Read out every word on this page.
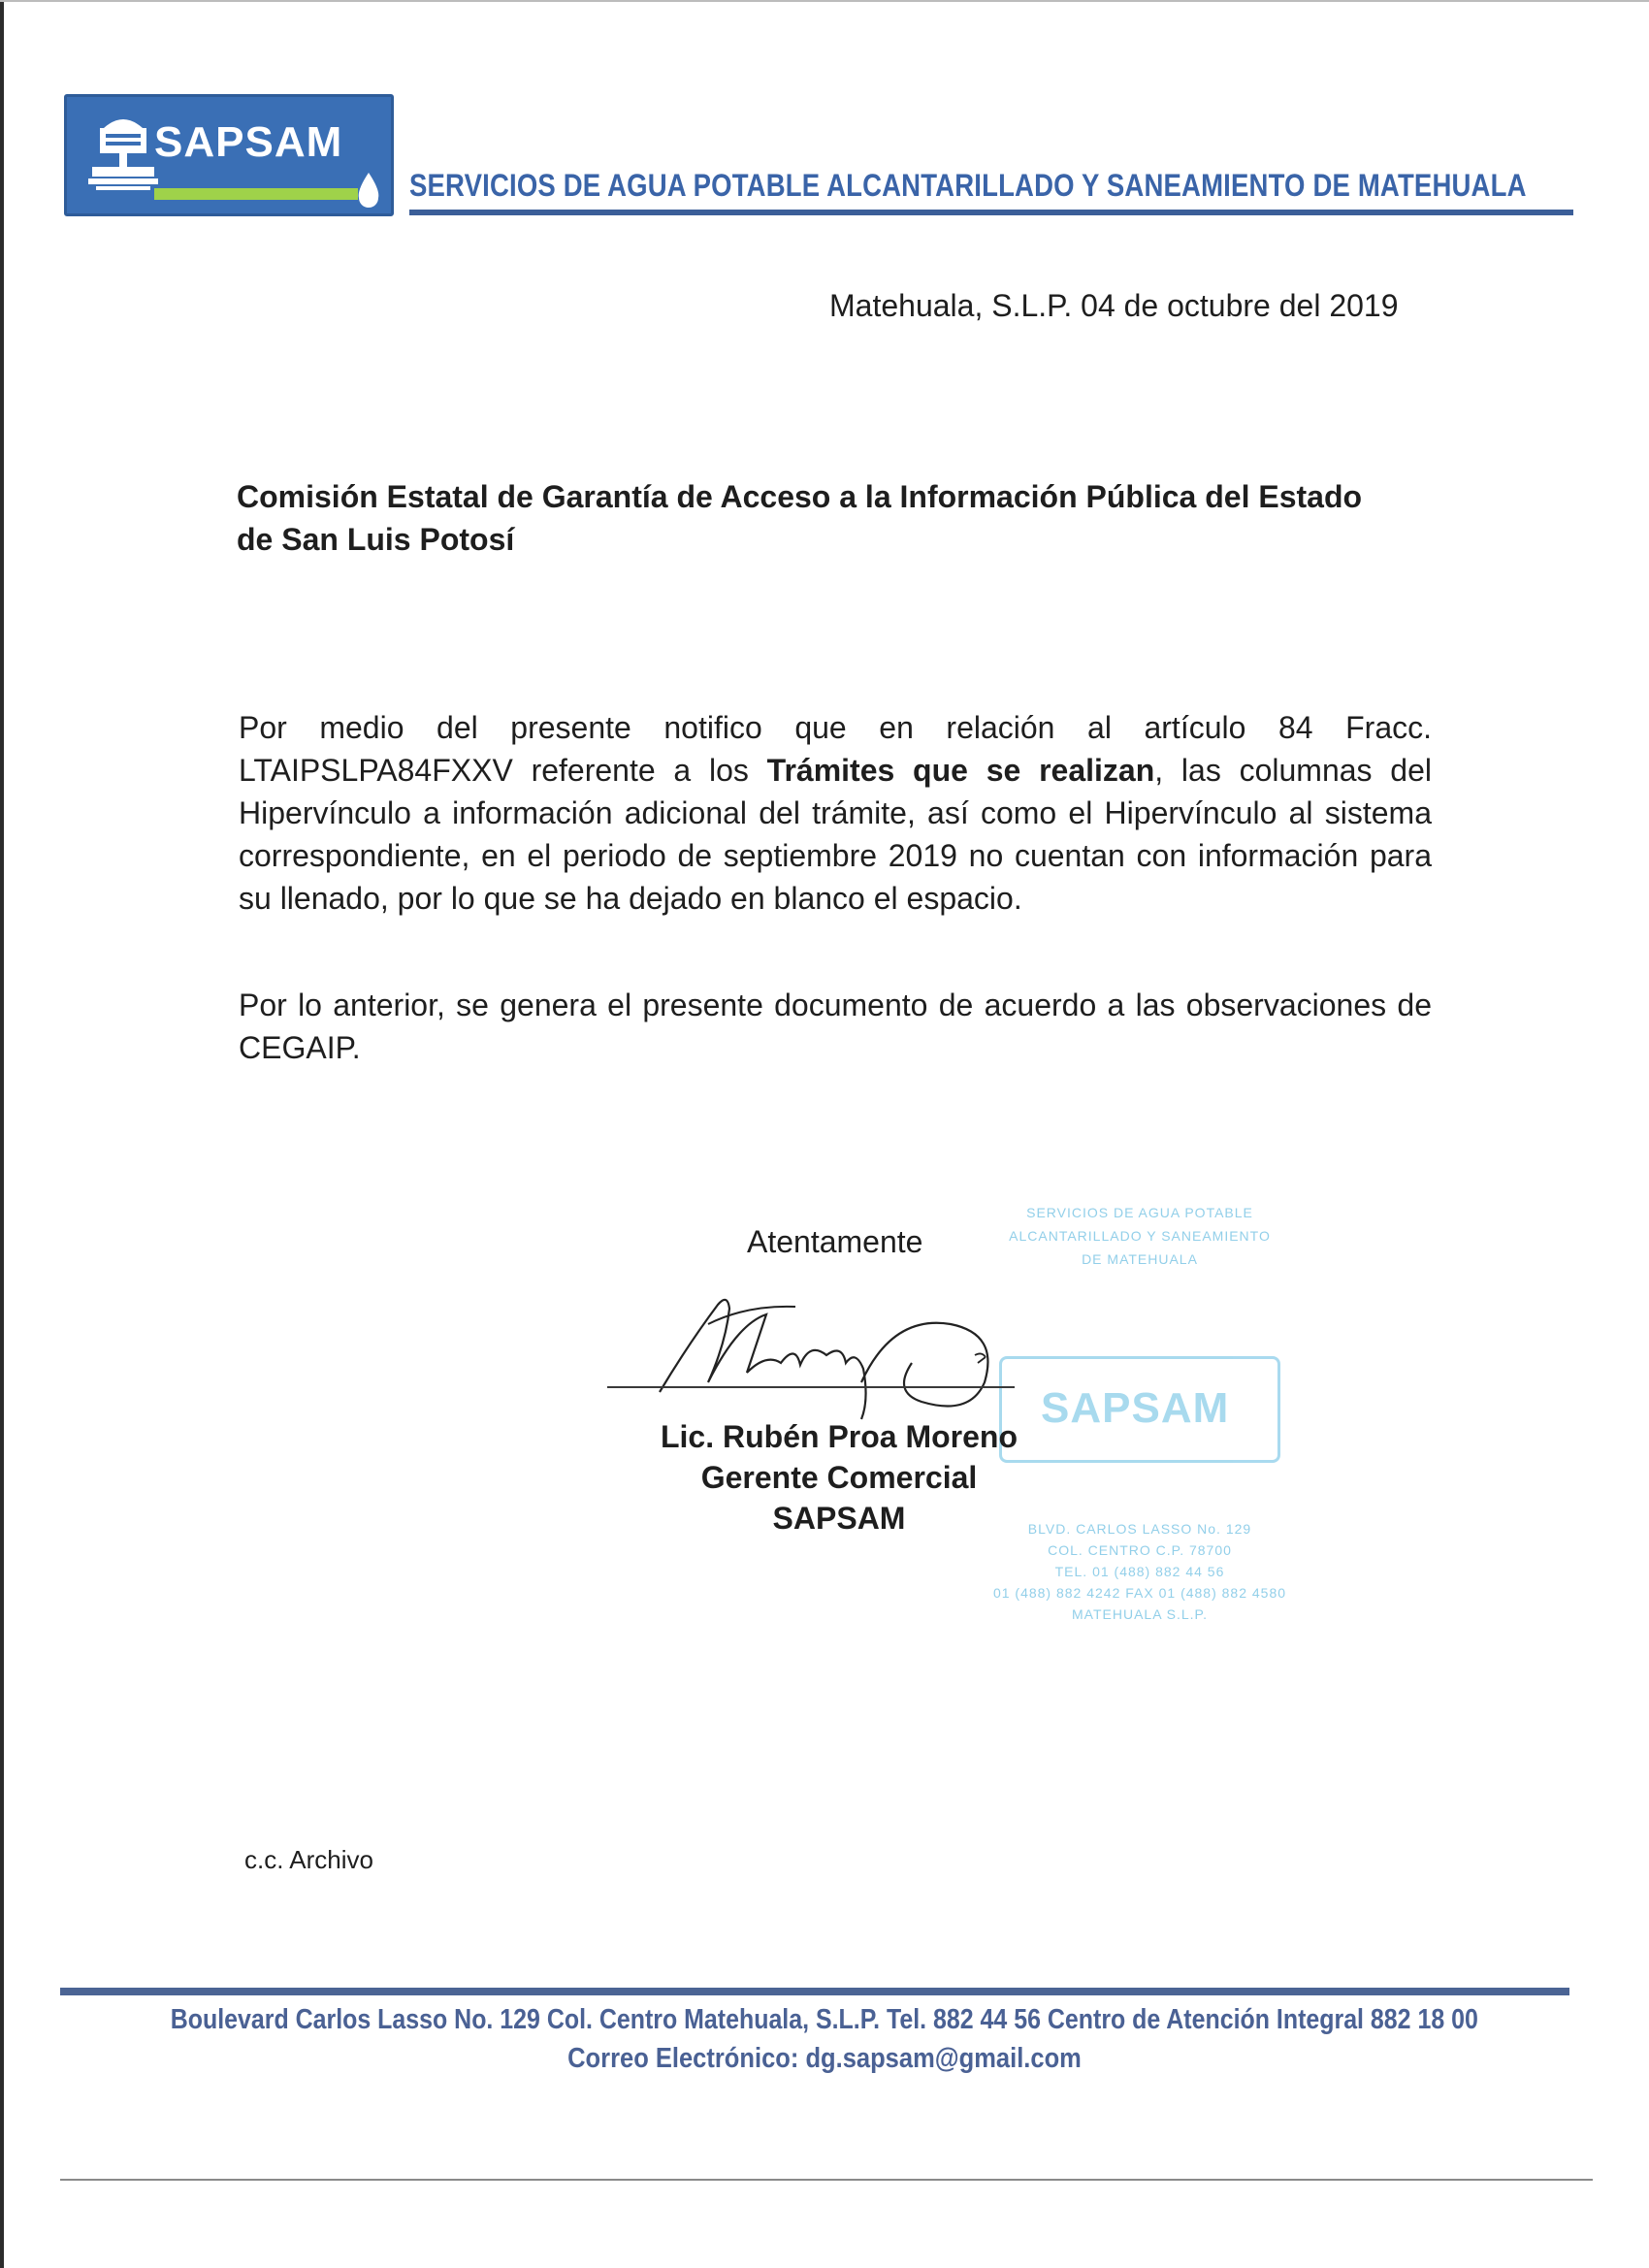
SAPSAM
SERVICIOS DE AGUA POTABLE ALCANTARILLADO Y SANEAMIENTO DE MATEHUALA
Matehuala, S.L.P. 04 de octubre del 2019
Comisión Estatal de Garantía de Acceso a la Información Pública del Estado
de San Luis Potosí
Por medio del presente notifico que en relación al artículo 84 Fracc. LTAIPSLPA84FXXV referente a los Trámites que se realizan, las columnas del Hipervínculo a información adicional del trámite, así como el Hipervínculo al sistema correspondiente, en el periodo de septiembre 2019 no cuentan con información para su llenado, por lo que se ha dejado en blanco el espacio.
Por lo anterior, se genera el presente documento de acuerdo a las observaciones de CEGAIP.
Atentamente
SERVICIOS DE AGUA POTABLE
ALCANTARILLADO Y SANEAMIENTO
DE MATEHUALA
SAPSAM
BLVD. CARLOS LASSO No. 129
COL. CENTRO C.P. 78700
TEL. 01 (488) 882 44 56
01 (488) 882 4242 FAX 01 (488) 882 4580
MATEHUALA S.L.P.
Lic. Rubén Proa Moreno
Gerente Comercial
SAPSAM
c.c. Archivo
Boulevard Carlos Lasso No. 129 Col. Centro Matehuala, S.L.P. Tel. 882 44 56 Centro de Atención Integral 882 18 00
Correo Electrónico: dg.sapsam@gmail.com
